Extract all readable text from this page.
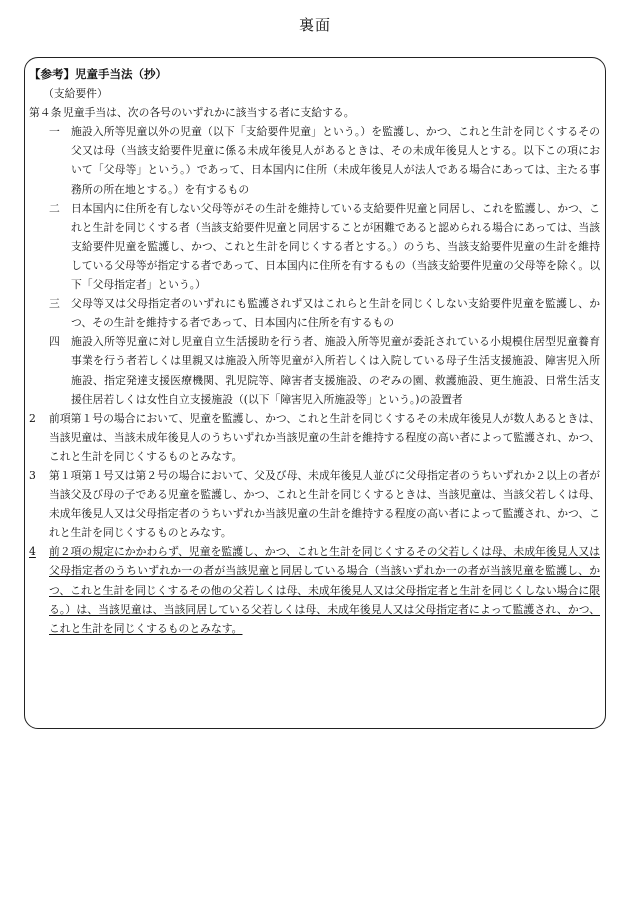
裏面
【参考】児童手当法（抄）
（支給要件）
第４条 児童手当は、次の各号のいずれかに該当する者に支給する。
一	施設入所等児童以外の児童（以下「支給要件児童」という。）を監護し、かつ、これと生計を同じくするその父又は母（当該支給要件児童に係る未成年後見人があるときは、その未成年後見人とする。以下この項において「父母等」という。）であって、日本国内に住所（未成年後見人が法人である場合にあっては、主たる事務所の所在地とする。）を有するもの
二	日本国内に住所を有しない父母等がその生計を維持している支給要件児童と同居し、これを監護し、かつ、これと生計を同じくする者（当該支給要件児童と同居することが困難であると認められる場合にあっては、当該支給要件児童を監護し、かつ、これと生計を同じくする者とする。）のうち、当該支給要件児童の生計を維持している父母等が指定する者であって、日本国内に住所を有するもの（当該支給要件児童の父母等を除く。以下「父母指定者」という。）
三	父母等又は父母指定者のいずれにも監護されず又はこれらと生計を同じくしない支給要件児童を監護し、かつ、その生計を維持する者であって、日本国内に住所を有するもの
四	施設入所等児童に対し児童自立生活援助を行う者、施設入所等児童が委託されている小規模住居型児童養育事業を行う者若しくは里親又は施設入所等児童が入所若しくは入院している母子生活支援施設、障害児入所施設、指定発達支援医療機関、乳児院等、障害者支援施設、のぞみの園、救護施設、更生施設、日常生活支援住居若しくは女性自立支援施設（(以下「障害児入所施設等」という。)の設置者
2	前項第１号の場合において、児童を監護し、かつ、これと生計を同じくするその未成年後見人が数人あるときは、当該児童は、当該未成年後見人のうちいずれか当該児童の生計を維持する程度の高い者によって監護され、かつ、これと生計を同じくするものとみなす。
3	第１項第１号又は第２号の場合において、父及び母、未成年後見人並びに父母指定者のうちいずれか２以上の者が当該父及び母の子である児童を監護し、かつ、これと生計を同じくするときは、当該児童は、当該父若しくは母、未成年後見人又は父母指定者のうちいずれか当該児童の生計を維持する程度の高い者によって監護され、かつ、これと生計を同じくするものとみなす。
4	前２項の規定にかかわらず、児童を監護し、かつ、これと生計を同じくするその父若しくは母、未成年後見人又は父母指定者のうちいずれか一の者が当該児童と同居している場合（当該いずれか一の者が当該児童を監護し、かつ、これと生計を同じくするその他の父若しくは母、未成年後見人又は父母指定者と生計を同じくしない場合に限る。）は、当該児童は、当該同居している父若しくは母、未成年後見人又は父母指定者によって監護され、かつ、これと生計を同じくするものとみなす。
